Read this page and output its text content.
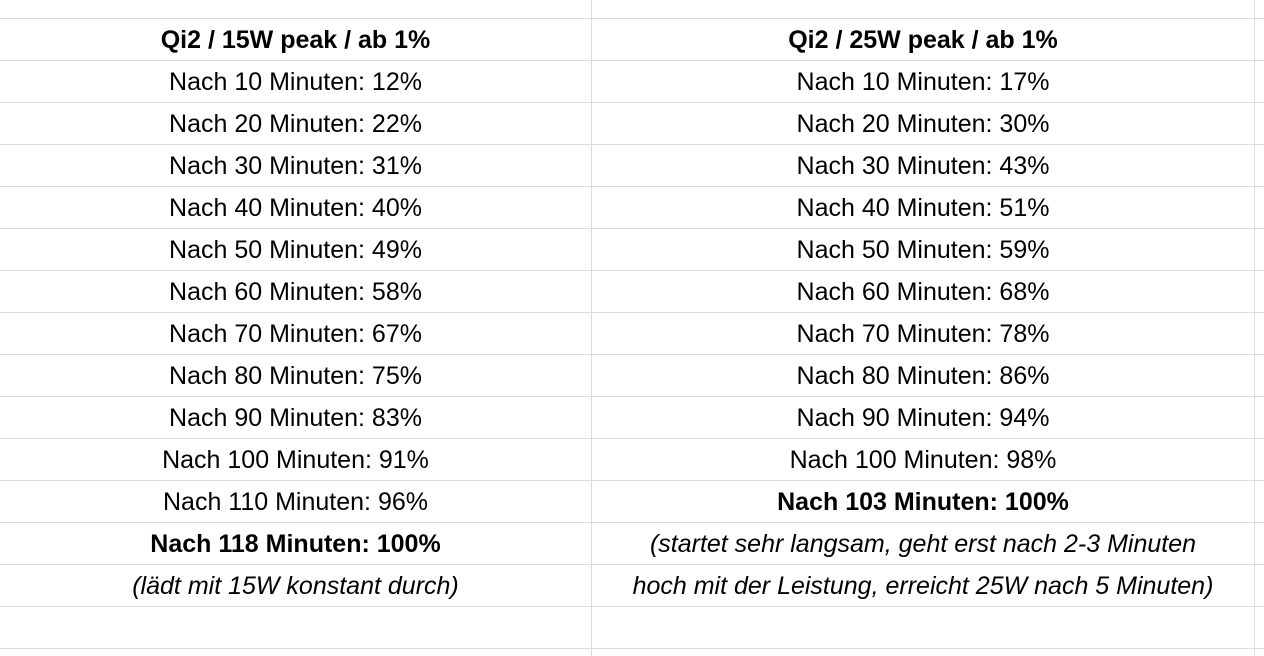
Qi2 / 15W peak / ab 1%	Qi2 / 25W peak / ab 1%
Nach 10 Minuten: 12%	Nach 10 Minuten: 17%
Nach 20 Minuten: 22%	Nach 20 Minuten: 30%
Nach 30 Minuten: 31%	Nach 30 Minuten: 43%
Nach 40 Minuten: 40%	Nach 40 Minuten: 51%
Nach 50 Minuten: 49%	Nach 50 Minuten: 59%
Nach 60 Minuten: 58%	Nach 60 Minuten: 68%
Nach 70 Minuten: 67%	Nach 70 Minuten: 78%
Nach 80 Minuten: 75%	Nach 80 Minuten: 86%
Nach 90 Minuten: 83%	Nach 90 Minuten: 94%
Nach 100 Minuten: 91%	Nach 100 Minuten: 98%
Nach 110 Minuten: 96%	Nach 103 Minuten: 100%
Nach 118 Minuten: 100%	(startet sehr langsam, geht erst nach 2-3 Minuten
(lädt mit 15W konstant durch)	hoch mit der Leistung, erreicht 25W nach 5 Minuten)
